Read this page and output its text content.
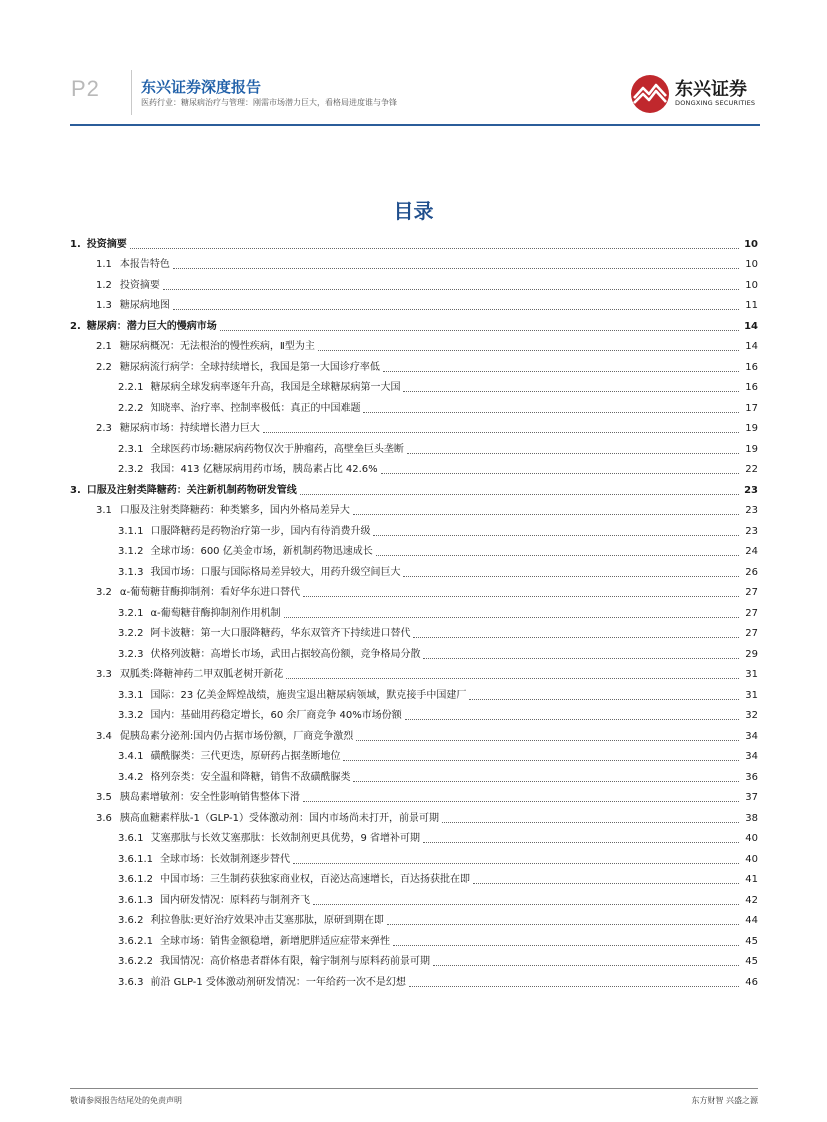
P2	东兴证券深度报告
医药行业：糖尿病治疗与管理：刚需市场潜力巨大，看格局进度谁与争锋
东兴证券
DONGXING SECURITIES
目录
1. 投资摘要	10
1.1 本报告特色	10
1.2 投资摘要	10
1.3 糖尿病地图	11
2. 糖尿病：潜力巨大的慢病市场	14
2.1 糖尿病概况：无法根治的慢性疾病，Ⅱ型为主	14
2.2 糖尿病流行病学：全球持续增长，我国是第一大国诊疗率低	16
2.2.1 糖尿病全球发病率逐年升高，我国是全球糖尿病第一大国	16
2.2.2 知晓率、治疗率、控制率极低：真正的中国难题	17
2.3 糖尿病市场：持续增长潜力巨大	19
2.3.1 全球医药市场:糖尿病药物仅次于肿瘤药，高壁垒巨头垄断	19
2.3.2 我国：413 亿糖尿病用药市场，胰岛素占比 42.6%	22
3. 口服及注射类降糖药：关注新机制药物研发管线	23
3.1 口服及注射类降糖药：种类繁多，国内外格局差异大	23
3.1.1 口服降糖药是药物治疗第一步，国内有待消费升级	23
3.1.2 全球市场：600 亿美金市场，新机制药物迅速成长	24
3.1.3 我国市场：口服与国际格局差异较大，用药升级空间巨大	26
3.2 α-葡萄糖苷酶抑制剂：看好华东进口替代	27
3.2.1 α-葡萄糖苷酶抑制剂作用机制	27
3.2.2 阿卡波糖：第一大口服降糖药，华东双管齐下持续进口替代	27
3.2.3 伏格列波糖：高增长市场，武田占据较高份额，竞争格局分散	29
3.3 双胍类:降糖神药二甲双胍老树开新花	31
3.3.1 国际：23 亿美金辉煌战绩，施贵宝退出糖尿病领域，默克接手中国建厂	31
3.3.2 国内：基础用药稳定增长，60 余厂商竞争 40%市场份额	32
3.4 促胰岛素分泌剂:国内仍占据市场份额，厂商竞争激烈	34
3.4.1 磺酰脲类：三代更迭，原研药占据垄断地位	34
3.4.2 格列奈类：安全温和降糖，销售不敌磺酰脲类	36
3.5 胰岛素增敏剂：安全性影响销售整体下滑	37
3.6 胰高血糖素样肽-1（GLP-1）受体激动剂：国内市场尚未打开，前景可期	38
3.6.1 艾塞那肽与长效艾塞那肽：长效制剂更具优势，9 省增补可期	40
3.6.1.1 全球市场：长效制剂逐步替代	40
3.6.1.2 中国市场：三生制药获独家商业权，百泌达高速增长，百达扬获批在即	41
3.6.1.3 国内研发情况：原料药与制剂齐飞	42
3.6.2 利拉鲁肽:更好治疗效果冲击艾塞那肽，原研到期在即	44
3.6.2.1 全球市场：销售金额稳增，新增肥胖适应症带来弹性	45
3.6.2.2 我国情况：高价格患者群体有限，翰宇制剂与原料药前景可期	45
3.6.3 前沿 GLP-1 受体激动剂研发情况：一年给药一次不是幻想	46
敬请参阅报告结尾处的免责声明	东方财智 兴盛之源
